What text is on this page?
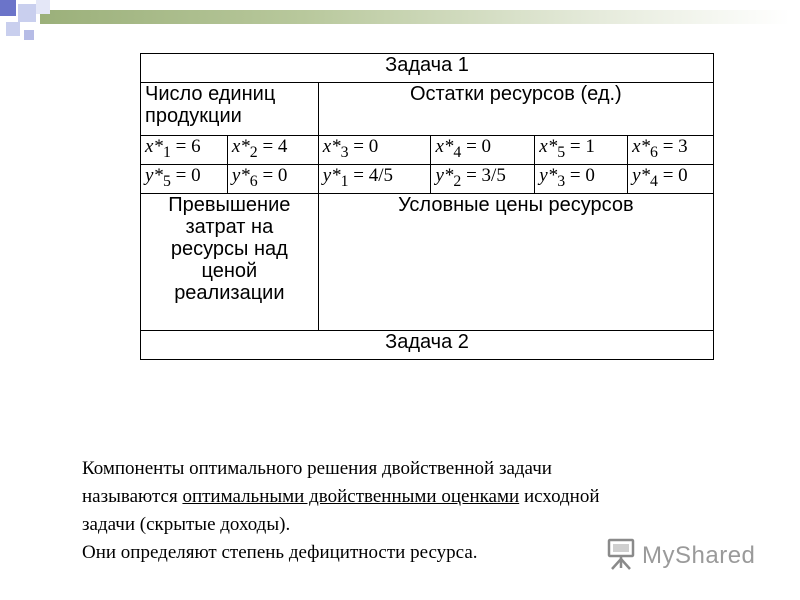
Задача 1					
Число единиц продукции		Остатки ресурсов (ед.)			
$x*_1 = 6$	$x*_2 = 4$	$x*_3 = 0$	$x*_4 = 0$	$x*_5 = 1$	$x*_6 = 3$
$y*_5 = 0$	$y*_6 = 0$	$y*_1 = 4/5$	$y*_2 = 3/5$	$y*_3 = 0$	$y*_4 = 0$
Превышение затрат на ресурсы над ценой реализации		Условные цены ресурсов			
Задача 2					

Компоненты оптимального решения двойственной задачи

называются оптимальными двойственными оценками исходной

задачи (скрытые доходы).

Они определяют степень дефицитности ресурса.	MyShared
